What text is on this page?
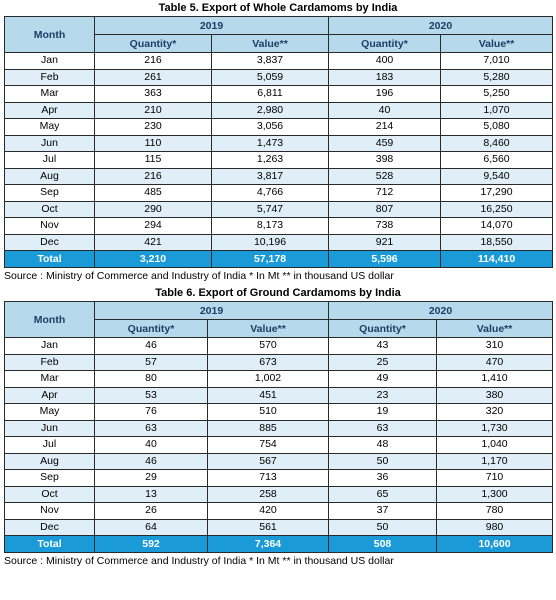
Table 5. Export of Whole Cardamoms by India
Month	2019		2020	
	Quantity*	Value**	Quantity*	Value**
Jan	216	3,837	400	7,010
Feb	261	5,059	183	5,280
Mar	363	6,811	196	5,250
Apr	210	2,980	40	1,070
May	230	3,056	214	5,080
Jun	110	1,473	459	8,460
Jul	115	1,263	398	6,560
Aug	216	3,817	528	9,540
Sep	485	4,766	712	17,290
Oct	290	5,747	807	16,250
Nov	294	8,173	738	14,070
Dec	421	10,196	921	18,550
Total	3,210	57,178	5,596	114,410
Source : Ministry of Commerce and Industry of India * In Mt ** in thousand US dollar
Table 6. Export of Ground Cardamoms by India
Month	2019		2020	
	Quantity*	Value**	Quantity*	Value**
Jan	46	570	43	310
Feb	57	673	25	470
Mar	80	1,002	49	1,410
Apr	53	451	23	380
May	76	510	19	320
Jun	63	885	63	1,730
Jul	40	754	48	1,040
Aug	46	567	50	1,170
Sep	29	713	36	710
Oct	13	258	65	1,300
Nov	26	420	37	780
Dec	64	561	50	980
Total	592	7,364	508	10,600
Source : Ministry of Commerce and Industry of India * In Mt ** in thousand US dollar
